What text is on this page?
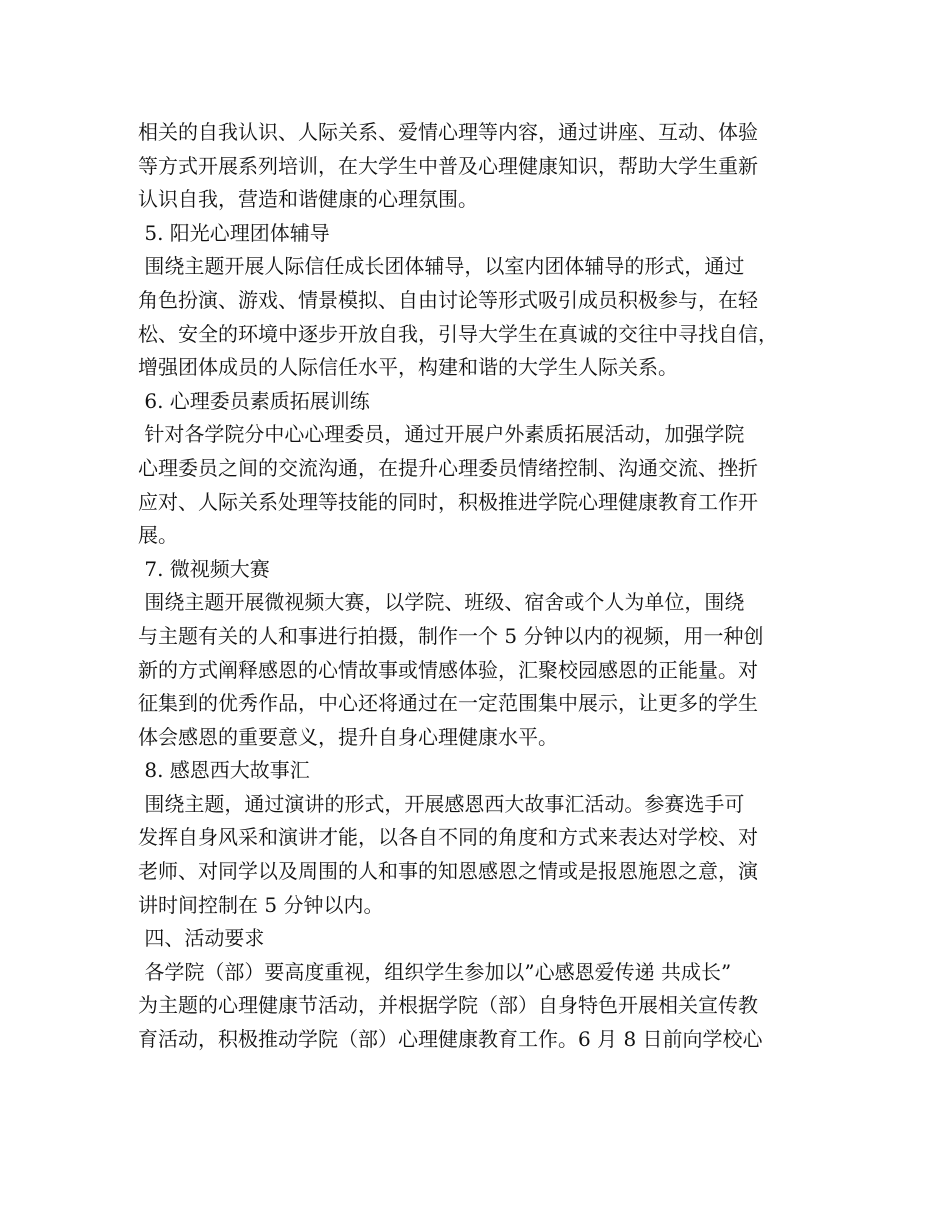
相关的自我认识、人际关系、爱情心理等内容，通过讲座、互动、体验
等方式开展系列培训，在大学生中普及心理健康知识，帮助大学生重新
认识自我，营造和谐健康的心理氛围。
5. 阳光心理团体辅导
围绕主题开展人际信任成长团体辅导，以室内团体辅导的形式，通过
角色扮演、游戏、情景模拟、自由讨论等形式吸引成员积极参与，在轻
松、安全的环境中逐步开放自我，引导大学生在真诚的交往中寻找自信，
增强团体成员的人际信任水平，构建和谐的大学生人际关系。
6. 心理委员素质拓展训练
针对各学院分中心心理委员，通过开展户外素质拓展活动，加强学院
心理委员之间的交流沟通，在提升心理委员情绪控制、沟通交流、挫折
应对、人际关系处理等技能的同时，积极推进学院心理健康教育工作开
展。
7. 微视频大赛
围绕主题开展微视频大赛，以学院、班级、宿舍或个人为单位，围绕
与主题有关的人和事进行拍摄，制作一个 5 分钟以内的视频，用一种创
新的方式阐释感恩的心情故事或情感体验，汇聚校园感恩的正能量。对
征集到的优秀作品，中心还将通过在一定范围集中展示，让更多的学生
体会感恩的重要意义，提升自身心理健康水平。
8. 感恩西大故事汇
围绕主题，通过演讲的形式，开展感恩西大故事汇活动。参赛选手可
发挥自身风采和演讲才能，以各自不同的角度和方式来表达对学校、对
老师、对同学以及周围的人和事的知恩感恩之情或是报恩施恩之意，演
讲时间控制在 5 分钟以内。
四、活动要求
各学院（部）要高度重视，组织学生参加以”心感恩爱传递 共成长”
为主题的心理健康节活动，并根据学院（部）自身特色开展相关宣传教
育活动，积极推动学院（部）心理健康教育工作。6 月 8 日前向学校心
